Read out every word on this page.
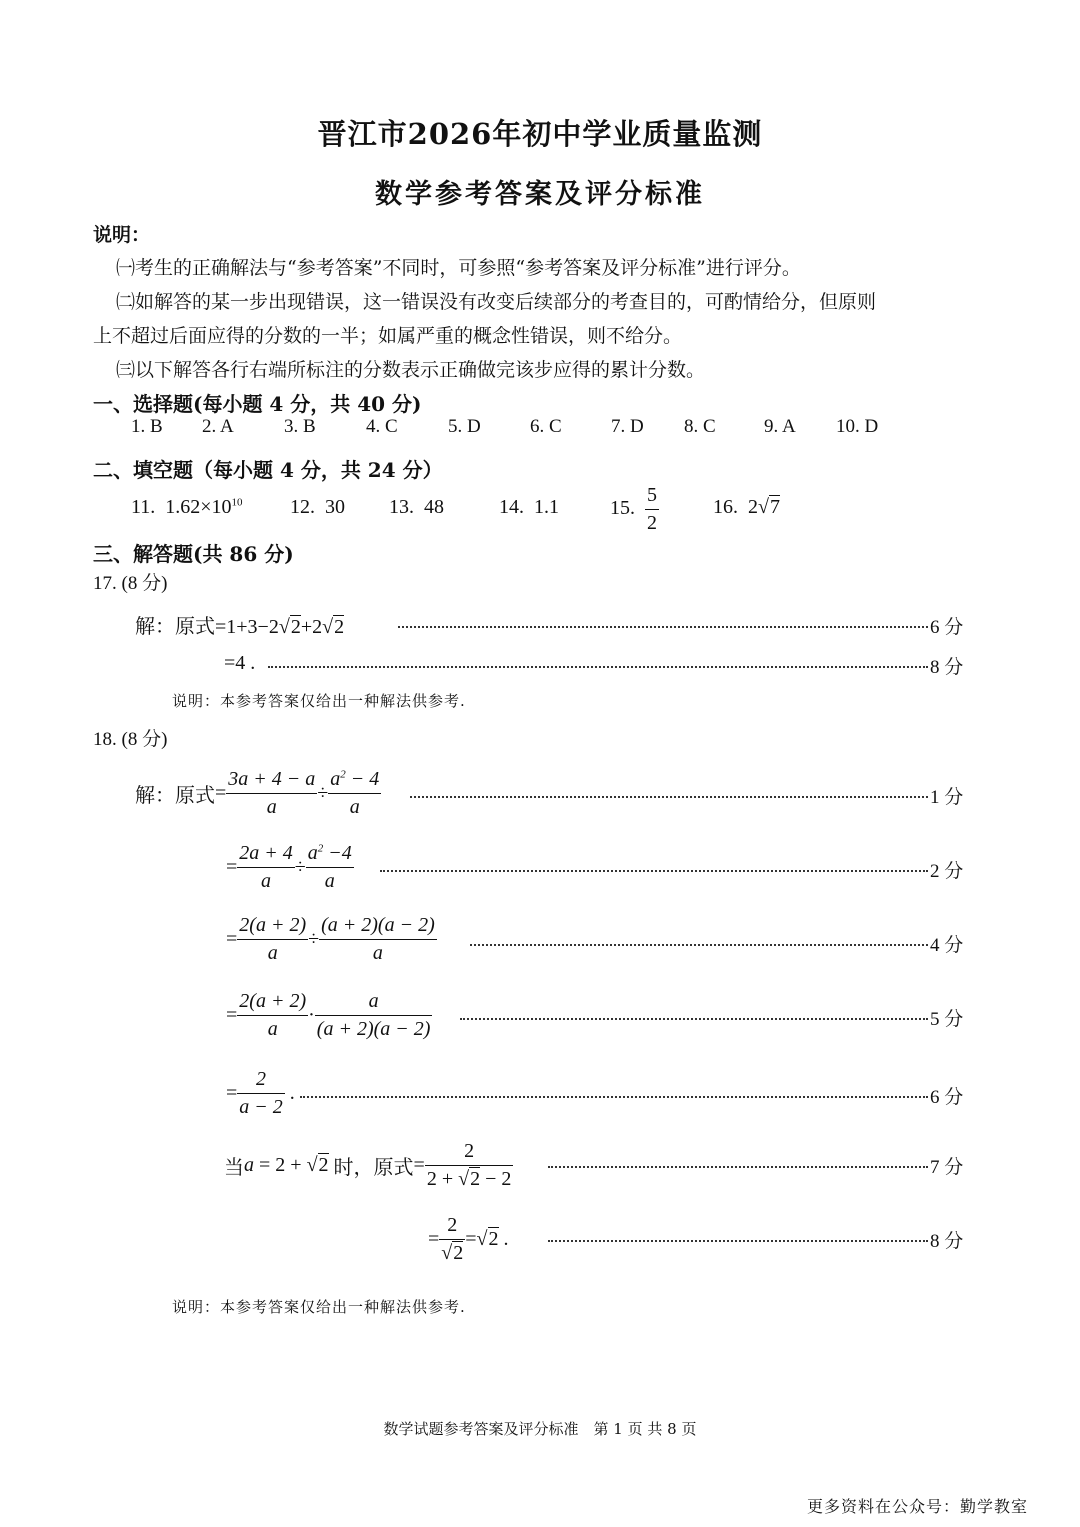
晋江市2026年初中学业质量监测
数学参考答案及评分标准
说明：
㈠考生的正确解法与“参考答案”不同时，可参照“参考答案及评分标准”进行评分。
㈡如解答的某一步出现错误，这一错误没有改变后续部分的考查目的，可酌情给分，但原则
上不超过后面应得的分数的一半；如属严重的概念性错误，则不给分。
㈢以下解答各行右端所标注的分数表示正确做完该步应得的累计分数。
一、选择题(每小题 4 分，共 40 分)
1. B 2. A	3. B	4. C	5. D	6. C	7. D 8. C	9. A 10. D
二、填空题（每小题 4 分，共 24 分）
11. $1.62\times 10^{10}$ 12. 30 13. 48	14. 1.1	15. $\frac{5}{2}$	16. 2√7
三、解答题(共 86 分)
17. (8 分)
解：原式=1+3−2√2+2√2	6 分
=4 .	8 分
说明：本参考答案仅给出一种解法供参考.
18. (8 分)
解：原式= $\frac{3a + 4 - a}{a} \div \frac{a^2 - 4}{a}$	1 分
= $\frac{2a + 4}{a} \div \frac{a^2 -4}{a}$	2 分
= $\frac{2(a + 2)}{a} \div \frac{(a + 2)(a - 2)}{a}$	4 分
= $\frac{2(a + 2)}{a} \cdot \frac{a}{(a + 2)(a - 2)}$	5 分
= $\frac{2}{a - 2}$ .	6 分
当a = 2 + √2 时，原式= $\frac{2}{2 + √2 - 2}$	7 分
= $\frac{2}{√2} =√2$ .	8 分
说明：本参考答案仅给出一种解法供参考.
数学试题参考答案及评分标准　第 1 页 共 8 页
更多资料在公众号：勤学教室
